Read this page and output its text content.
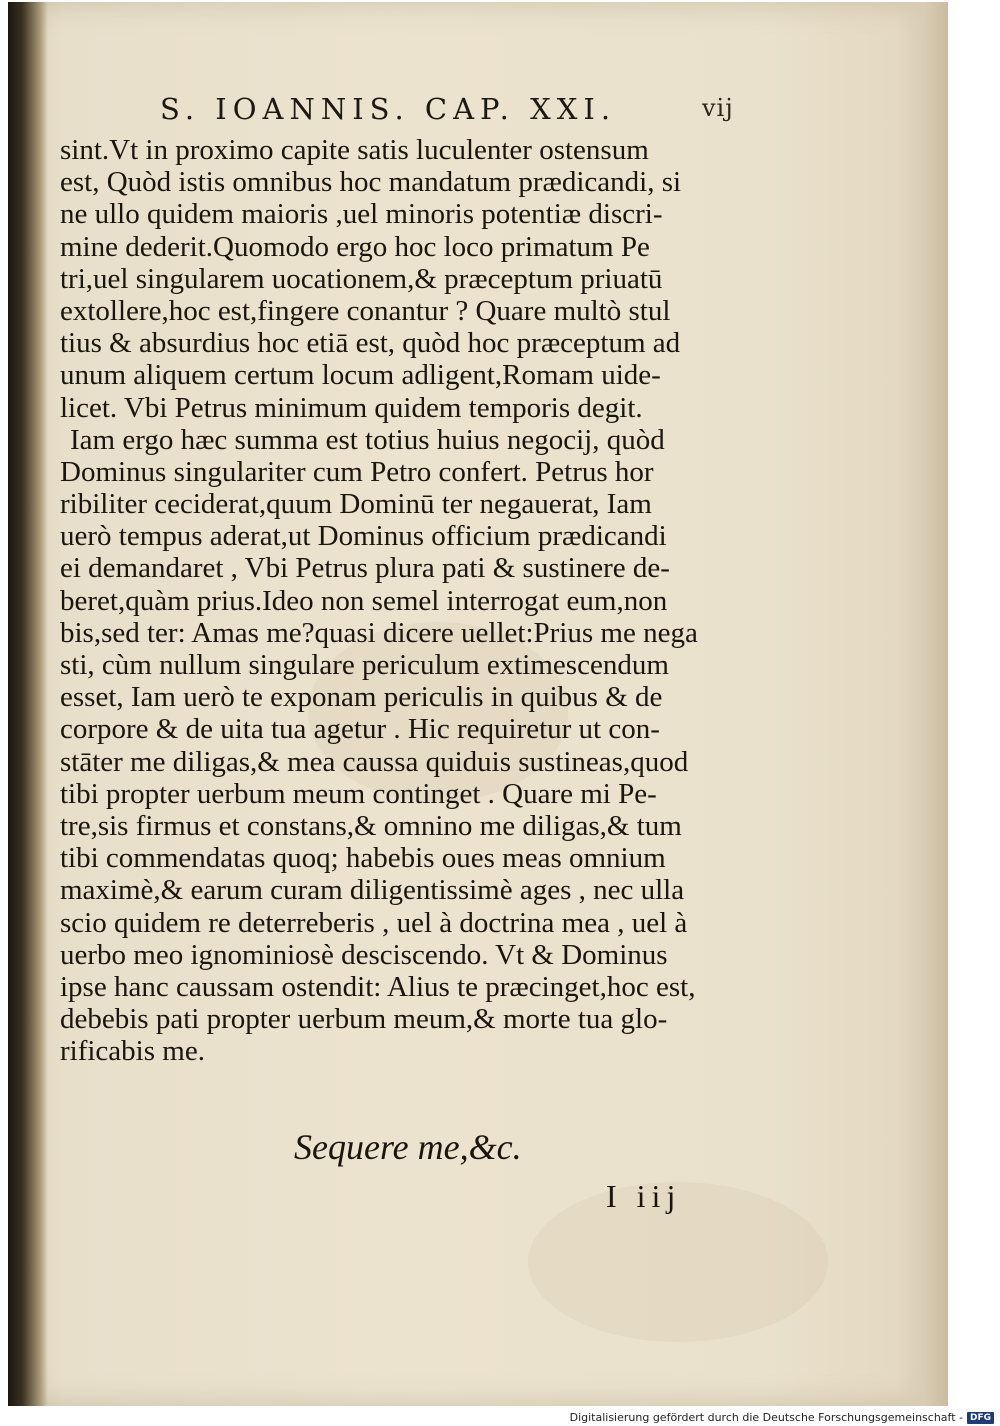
S. IOANNIS. CAP. XXI.	vij
sint.Vt in proximo capite satis luculenter ostensum
est, Quòd istis omnibus hoc mandatum prædicandi, si
ne ullo quidem maioris ,uel minoris potentiæ discri-
mine dederit.Quomodo ergo hoc loco primatum Pe
tri,uel singularem uocationem,& præceptum priuatū
extollere,hoc est,fingere conantur ? Quare multò stul
tius & absurdius hoc etiā est, quòd hoc præceptum ad
unum aliquem certum locum adligent,Romam uide-
licet. Vbi Petrus minimum quidem temporis degit.
Iam ergo hæc summa est totius huius negocij, quòd
Dominus singulariter cum Petro confert. Petrus hor
ribiliter ceciderat,quum Dominū ter negauerat, Iam
uerò tempus aderat,ut Dominus officium prædicandi
ei demandaret , Vbi Petrus plura pati & sustinere de-
beret,quàm prius.Ideo non semel interrogat eum,non
bis,sed ter: Amas me?quasi dicere uellet:Prius me nega
sti, cùm nullum singulare periculum extimescendum
esset, Iam uerò te exponam periculis in quibus & de
corpore & de uita tua agetur . Hic requiretur ut con-
stāter me diligas,& mea caussa quiduis sustineas,quod
tibi propter uerbum meum continget . Quare mi Pe-
tre,sis firmus et constans,& omnino me diligas,& tum
tibi commendatas quoq; habebis oues meas omnium
maximè,& earum curam diligentissimè ages , nec ulla
scio quidem re deterreberis , uel à doctrina mea , uel à
uerbo meo ignominiosè desciscendo. Vt & Dominus
ipse hanc caussam ostendit: Alius te præcinget,hoc est,
debebis pati propter uerbum meum,& morte tua glo-
rificabis me.
Sequere me,&c.
I iij
Digitalisierung gefördert durch die Deutsche Forschungsgemeinschaft - DFG
